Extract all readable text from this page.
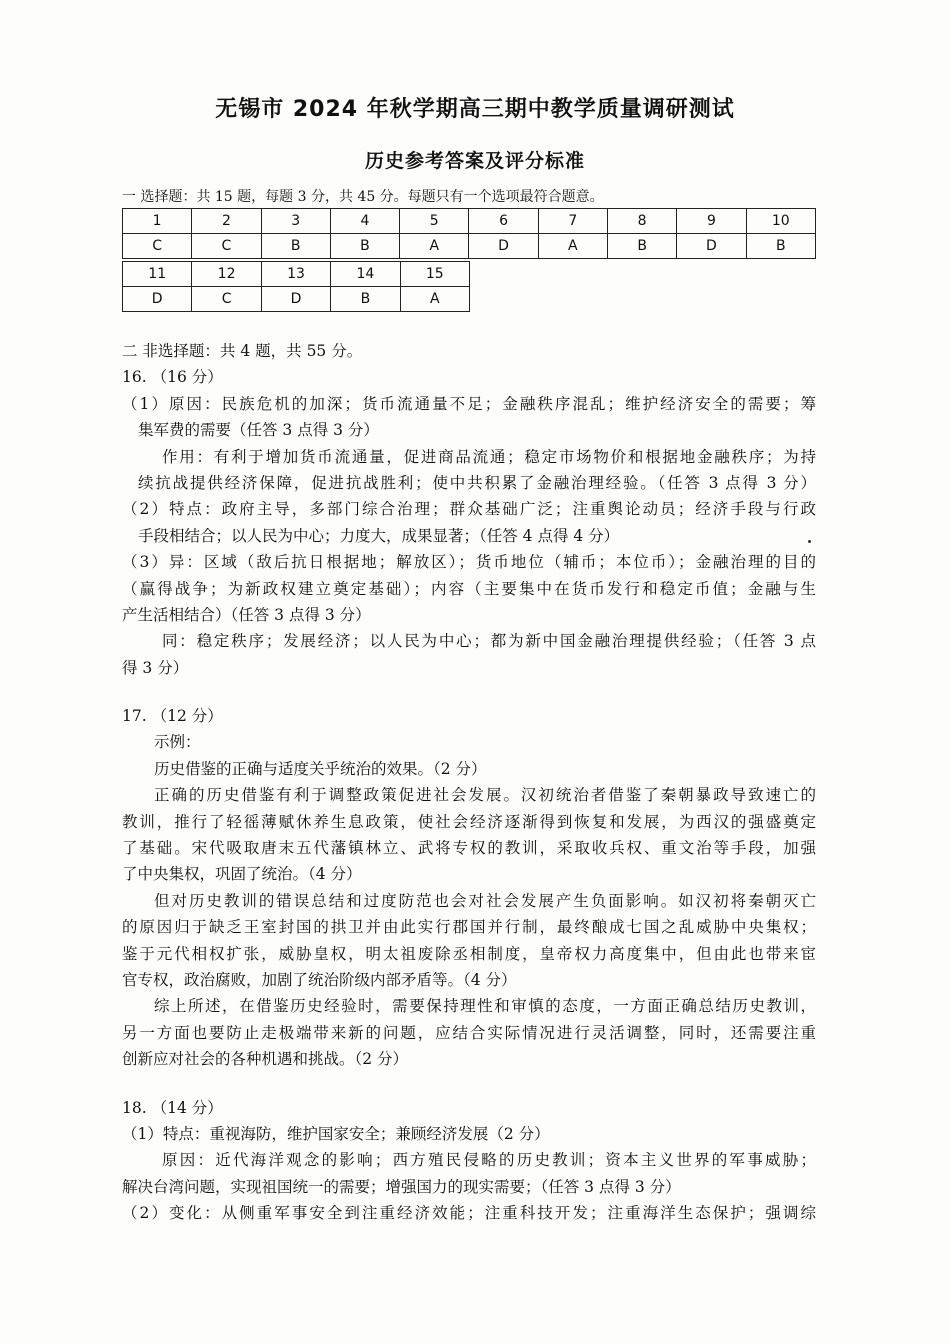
无锡市 2024 年秋学期高三期中教学质量调研测试
历史参考答案及评分标准
一 选择题：共 15 题，每题 3 分，共 45 分。每题只有一个选项最符合题意。
1	2	3	4	5	6	7	8	9	10
C	C	B	B	A	D	A	B	D	B
11	12	13	14	15
D	C	D	B	A
二 非选择题：共 4 题，共 55 分。
16. （16 分）
（1）原因：民族危机的加深；货币流通量不足；金融秩序混乱；维护经济安全的需要；筹
集军费的需要（任答 3 点得 3 分）
作用：有利于增加货币流通量，促进商品流通；稳定市场物价和根据地金融秩序；为持
续抗战提供经济保障，促进抗战胜利；使中共积累了金融治理经验。（任答 3 点得 3 分）
（2）特点：政府主导，多部门综合治理；群众基础广泛；注重舆论动员；经济手段与行政
手段相结合；以人民为中心；力度大，成果显著；（任答 4 点得 4 分）
（3）异：区域（敌后抗日根据地；解放区）；货币地位（辅币；本位币）；金融治理的目的
（赢得战争；为新政权建立奠定基础）；内容（主要集中在货币发行和稳定币值；金融与生
产生活相结合）（任答 3 点得 3 分）
同：稳定秩序；发展经济；以人民为中心；都为新中国金融治理提供经验；（任答 3 点
得 3 分）
17. （12 分）
示例：
历史借鉴的正确与适度关乎统治的效果。（2 分）
正确的历史借鉴有利于调整政策促进社会发展。汉初统治者借鉴了秦朝暴政导致速亡的
教训，推行了轻徭薄赋休养生息政策，使社会经济逐渐得到恢复和发展，为西汉的强盛奠定
了基础。宋代吸取唐末五代藩镇林立、武将专权的教训，采取收兵权、重文治等手段，加强
了中央集权，巩固了统治。（4 分）
但对历史教训的错误总结和过度防范也会对社会发展产生负面影响。如汉初将秦朝灭亡
的原因归于缺乏王室封国的拱卫并由此实行郡国并行制，最终酿成七国之乱威胁中央集权；
鉴于元代相权扩张，威胁皇权，明太祖废除丞相制度，皇帝权力高度集中，但由此也带来宦
官专权，政治腐败，加剧了统治阶级内部矛盾等。（4 分）
综上所述，在借鉴历史经验时，需要保持理性和审慎的态度，一方面正确总结历史教训，
另一方面也要防止走极端带来新的问题，应结合实际情况进行灵活调整，同时，还需要注重
创新应对社会的各种机遇和挑战。（2 分）
18. （14 分）
（1）特点：重视海防，维护国家安全；兼顾经济发展（2 分）
原因：近代海洋观念的影响；西方殖民侵略的历史教训；资本主义世界的军事威胁；
解决台湾问题，实现祖国统一的需要；增强国力的现实需要；（任答 3 点得 3 分）
（2）变化：从侧重军事安全到注重经济效能；注重科技开发；注重海洋生态保护；强调综
